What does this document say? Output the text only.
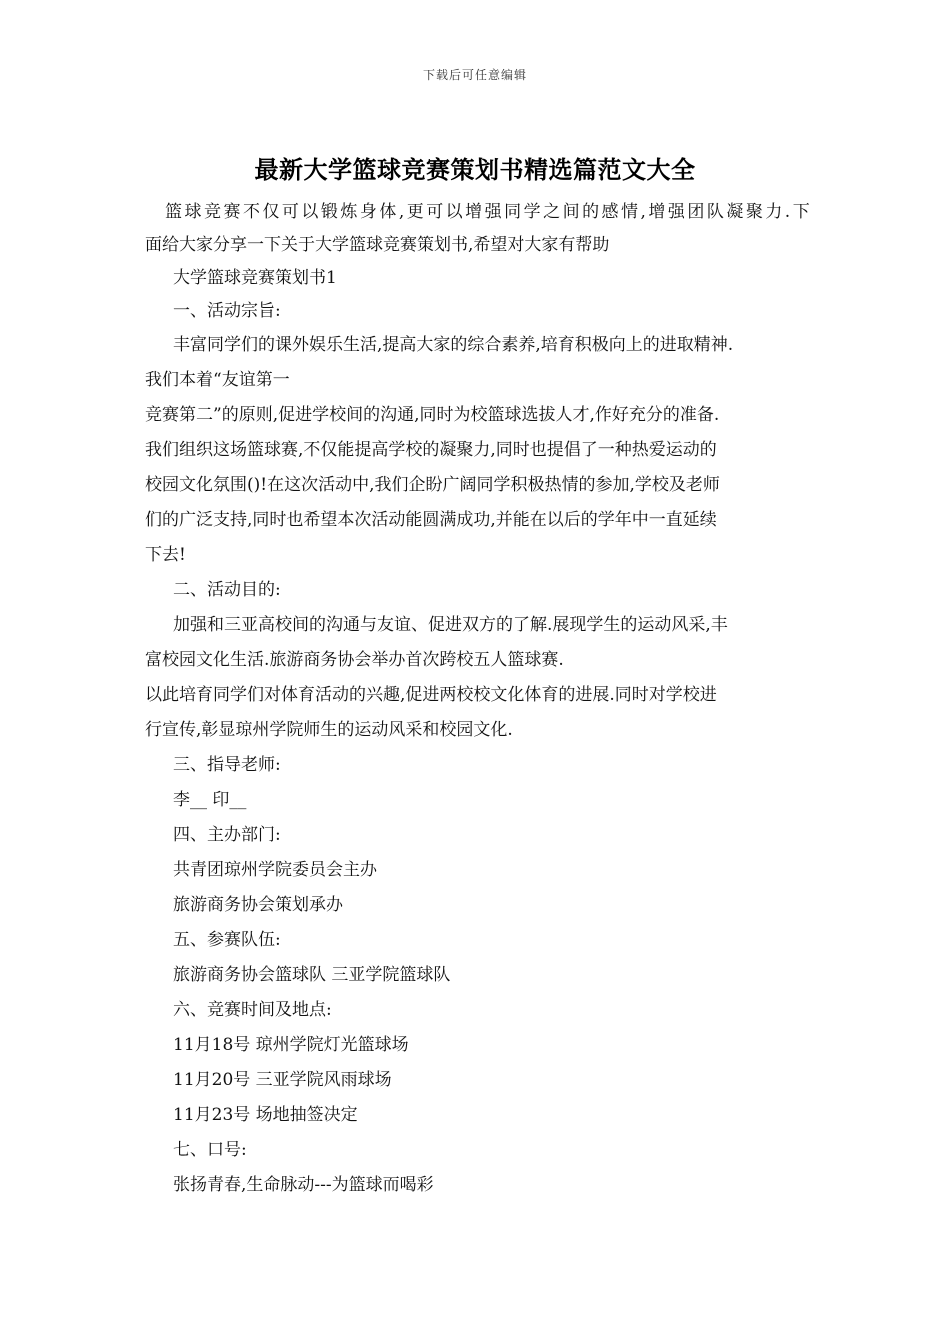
下载后可任意编辑
最新大学篮球竞赛策划书精选篇范文大全
篮球竞赛不仅可以锻炼身体,更可以增强同学之间的感情,增强团队凝聚力.下
面给大家分享一下关于大学篮球竞赛策划书,希望对大家有帮助
大学篮球竞赛策划书1
一、活动宗旨:
丰富同学们的课外娱乐生活,提高大家的综合素养,培育积极向上的进取精神.
我们本着“友谊第一
竞赛第二”的原则,促进学校间的沟通,同时为校篮球选拔人才,作好充分的准备.
我们组织这场篮球赛,不仅能提高学校的凝聚力,同时也提倡了一种热爱运动的
校园文化氛围()!在这次活动中,我们企盼广阔同学积极热情的参加,学校及老师
们的广泛支持,同时也希望本次活动能圆满成功,并能在以后的学年中一直延续
下去!
二、活动目的:
加强和三亚高校间的沟通与友谊、促进双方的了解.展现学生的运动风采,丰
富校园文化生活.旅游商务协会举办首次跨校五人篮球赛.
以此培育同学们对体育活动的兴趣,促进两校校文化体育的进展.同时对学校进
行宣传,彰显琼州学院师生的运动风采和校园文化.
三、指导老师:
李__ 印__
四、主办部门:
共青团琼州学院委员会主办
旅游商务协会策划承办
五、参赛队伍:
旅游商务协会篮球队 三亚学院篮球队
六、竞赛时间及地点:
11月18号 琼州学院灯光篮球场
11月20号 三亚学院风雨球场
11月23号 场地抽签决定
七、口号:
张扬青春,生命脉动---为篮球而喝彩
